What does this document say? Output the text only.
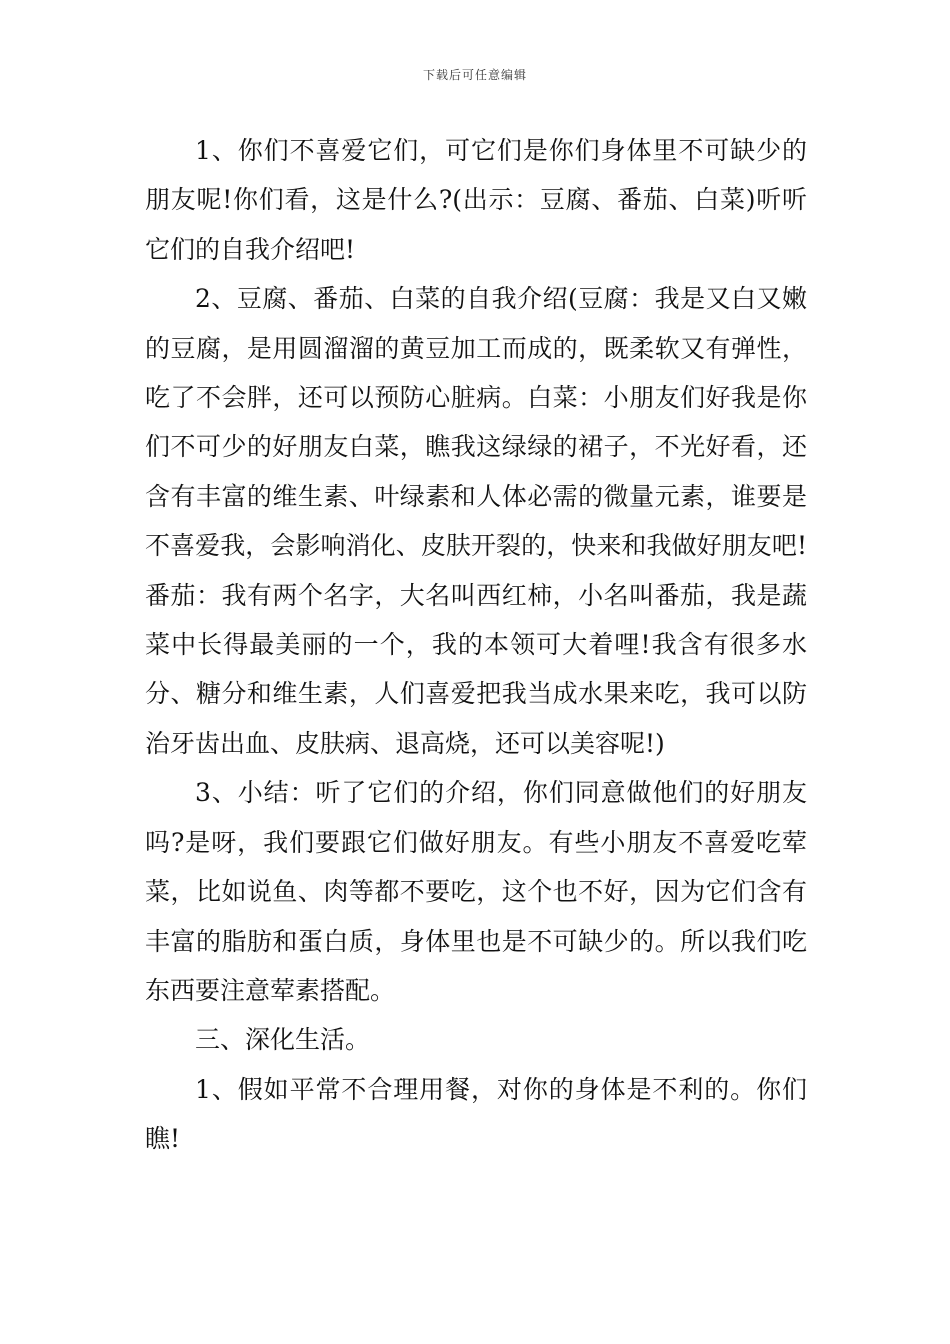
下载后可任意编辑

1、你们不喜爱它们，可它们是你们身体里不可缺少的朋友呢!你们看，这是什么?(出示：豆腐、番茄、白菜)听听它们的自我介绍吧!

2、豆腐、番茄、白菜的自我介绍(豆腐：我是又白又嫩的豆腐，是用圆溜溜的黄豆加工而成的，既柔软又有弹性，吃了不会胖，还可以预防心脏病。白菜：小朋友们好我是你们不可少的好朋友白菜，瞧我这绿绿的裙子，不光好看，还含有丰富的维生素、叶绿素和人体必需的微量元素，谁要是不喜爱我，会影响消化、皮肤开裂的，快来和我做好朋友吧!番茄：我有两个名字，大名叫西红柿，小名叫番茄，我是蔬菜中长得最美丽的一个，我的本领可大着哩!我含有很多水分、糖分和维生素，人们喜爱把我当成水果来吃，我可以防治牙齿出血、皮肤病、退高烧，还可以美容呢!)

3、小结：听了它们的介绍，你们同意做他们的好朋友吗?是呀，我们要跟它们做好朋友。有些小朋友不喜爱吃荤菜，比如说鱼、肉等都不要吃，这个也不好，因为它们含有丰富的脂肪和蛋白质，身体里也是不可缺少的。所以我们吃东西要注意荤素搭配。

三、深化生活。

1、假如平常不合理用餐，对你的身体是不利的。你们瞧!
